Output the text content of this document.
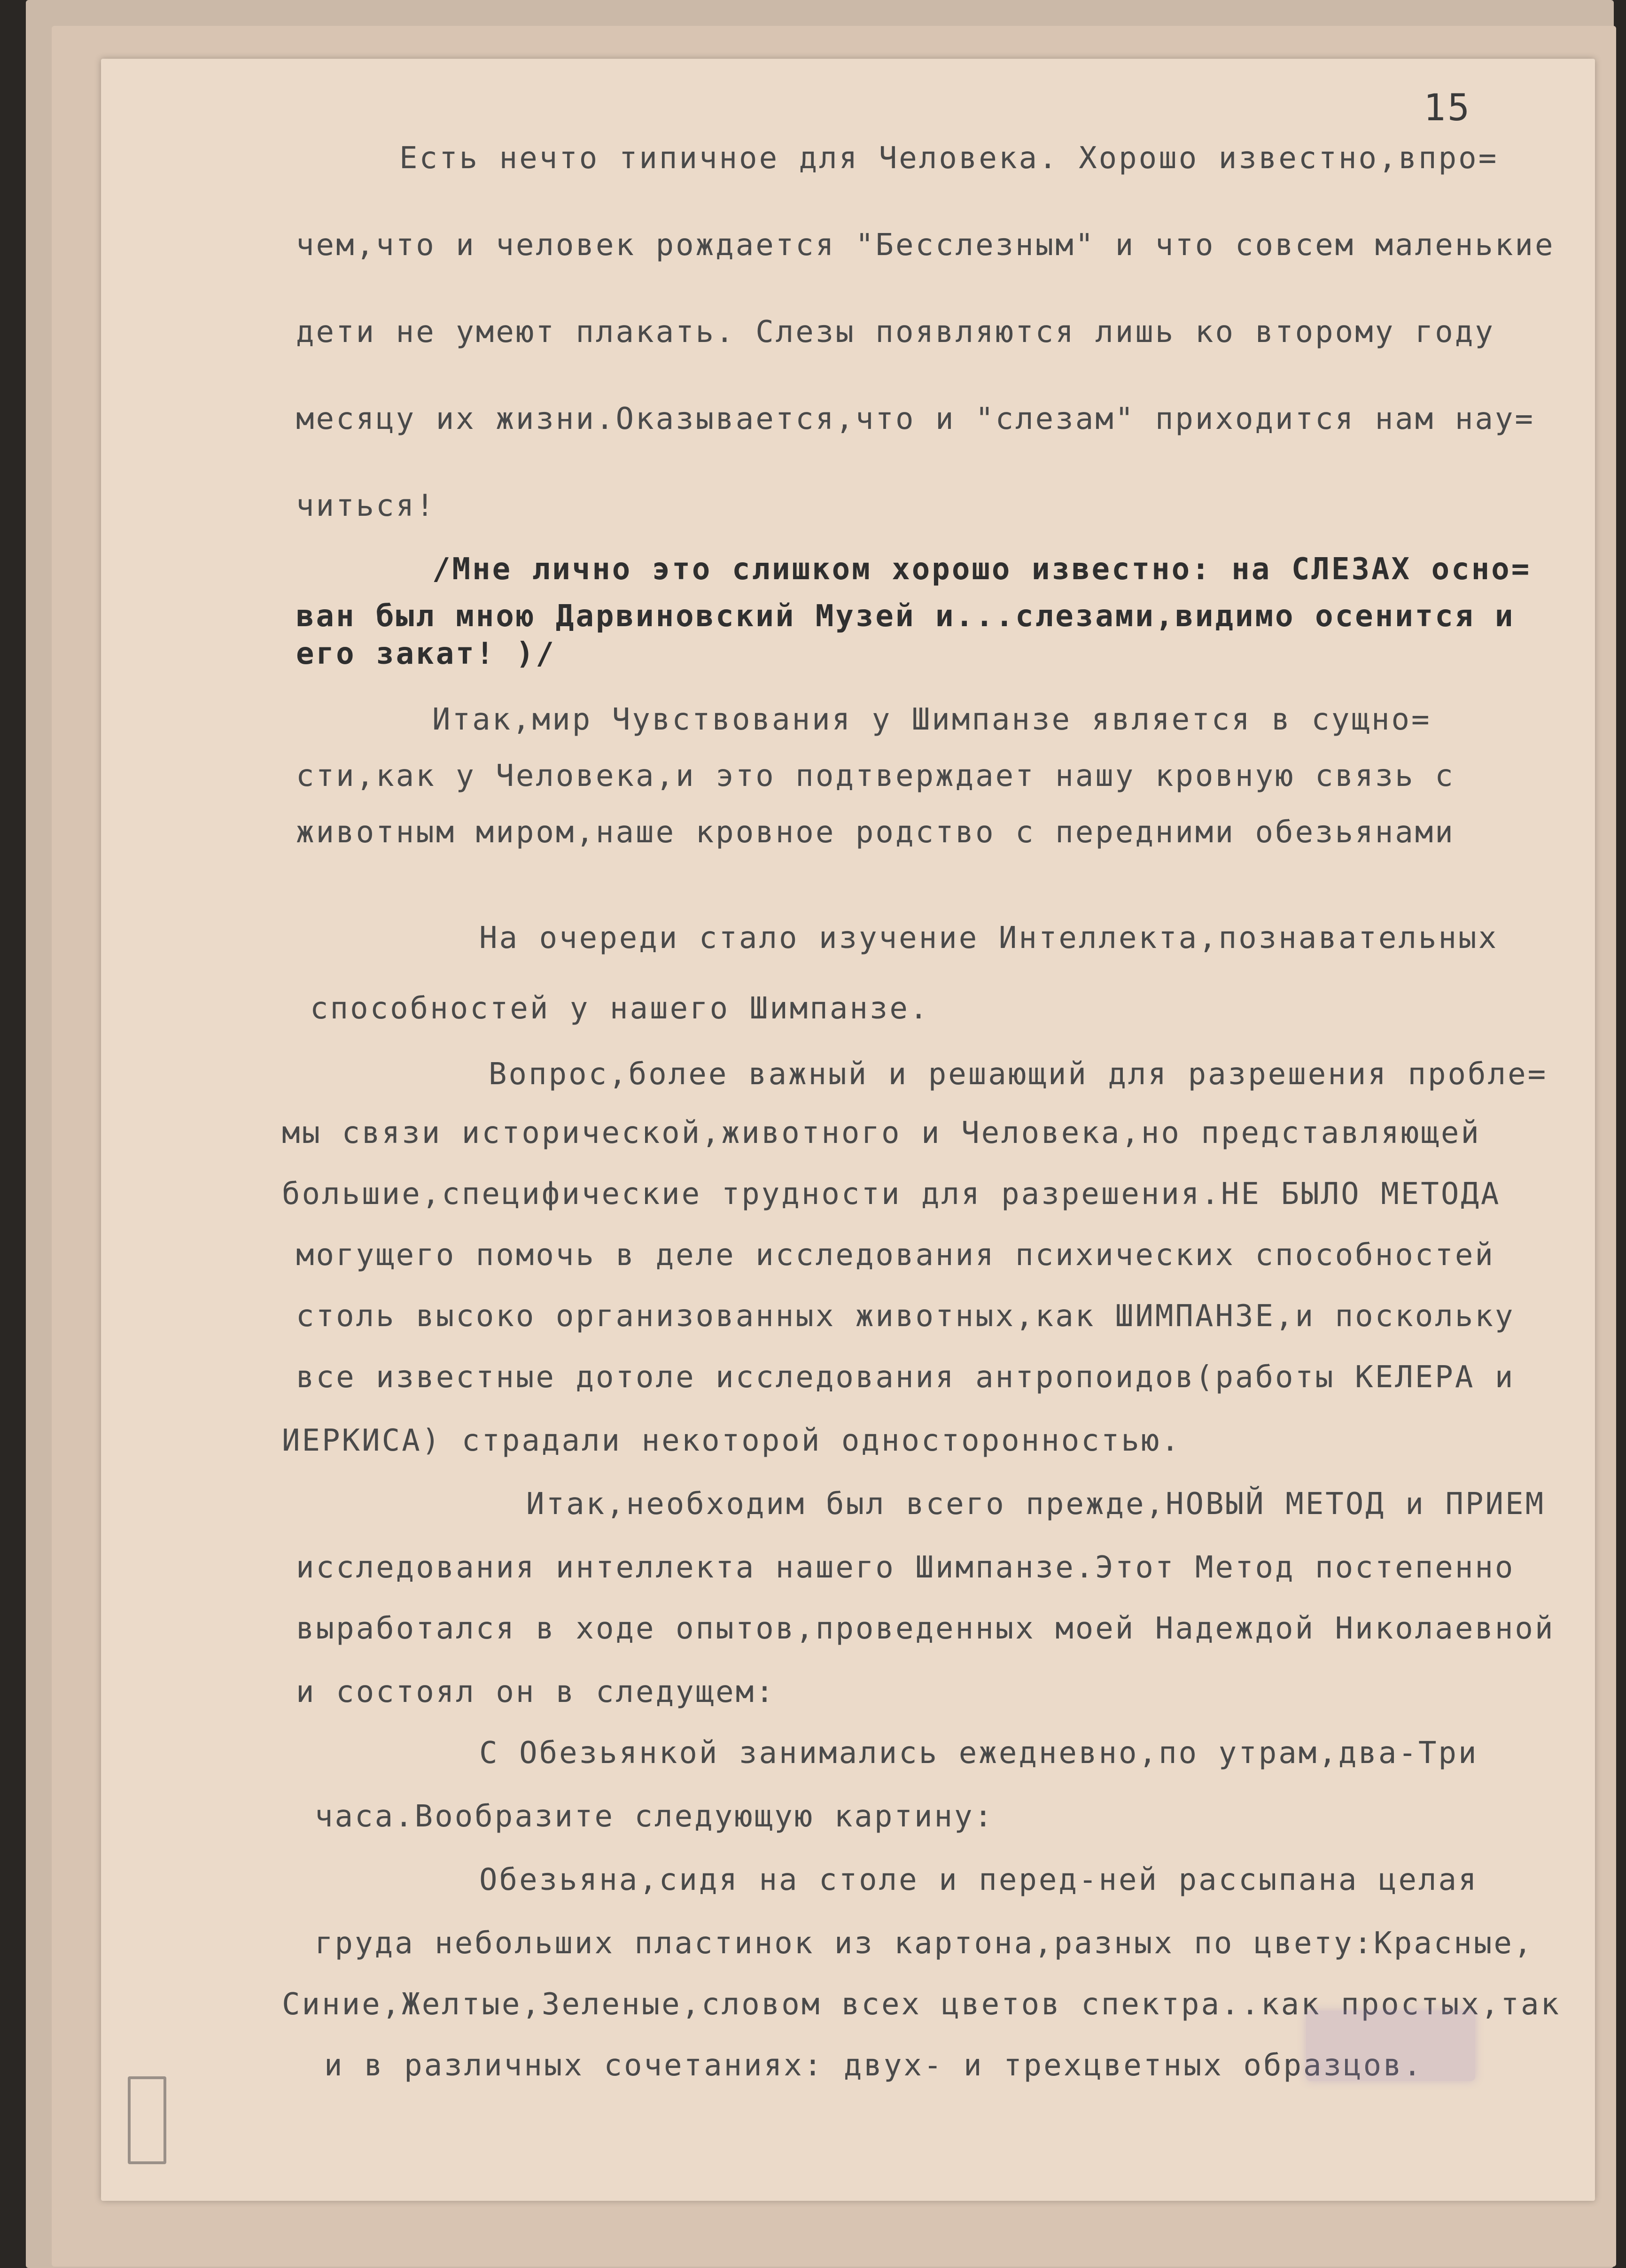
15
Есть нечто типичное для Человека. Хорошо известно,впро=
чем,что и человек рождается "Бесслезным" и что совсем маленькие
дети не умеют плакать. Слезы появляются лишь ко второму году
месяцу их жизни.Оказывается,что и "слезам" приходится нам нау=
читься!
/Мне лично это слишком хорошо известно: на СЛЕЗАХ осно=
ван был мною Дарвиновский Музей и...слезами,видимо осенится и
его закат! )/
Итак,мир Чувствования у Шимпанзе является в сущно=
сти,как у Человека,и это подтверждает нашу кровную связь с
животным миром,наше кровное родство с передними обезьянами
На очереди стало изучение Интеллекта,познавательных
способностей у нашего Шимпанзе.
Вопрос,более важный и решающий для разрешения пробле=
мы связи исторической,животного и Человека,но представляющей
большие,специфические трудности для разрешения.НЕ БЫЛО МЕТОДА
могущего помочь в деле исследования психических способностей
столь высоко организованных животных,как ШИМПАНЗЕ,и поскольку
все известные дотоле исследования антропоидов(работы КЕЛЕРА и
ИЕРКИСА) страдали некоторой односторонностью.
Итак,необходим был всего прежде,НОВЫЙ МЕТОД и ПРИЕМ
исследования интеллекта нашего Шимпанзе.Этот Метод постепенно
выработался в ходе опытов,проведенных моей Надеждой Николаевной
и состоял он в следущем:
С Обезьянкой занимались ежедневно,по утрам,два-Три
часа.Вообразите следующую картину:
Обезьяна,сидя на столе и перед-ней рассыпана целая
груда небольших пластинок из картона,разных по цвету:Красные,
Синие,Желтые,Зеленые,словом всех цветов спектра..как простых,так
и в различных сочетаниях: двух- и трехцветных образцов.
